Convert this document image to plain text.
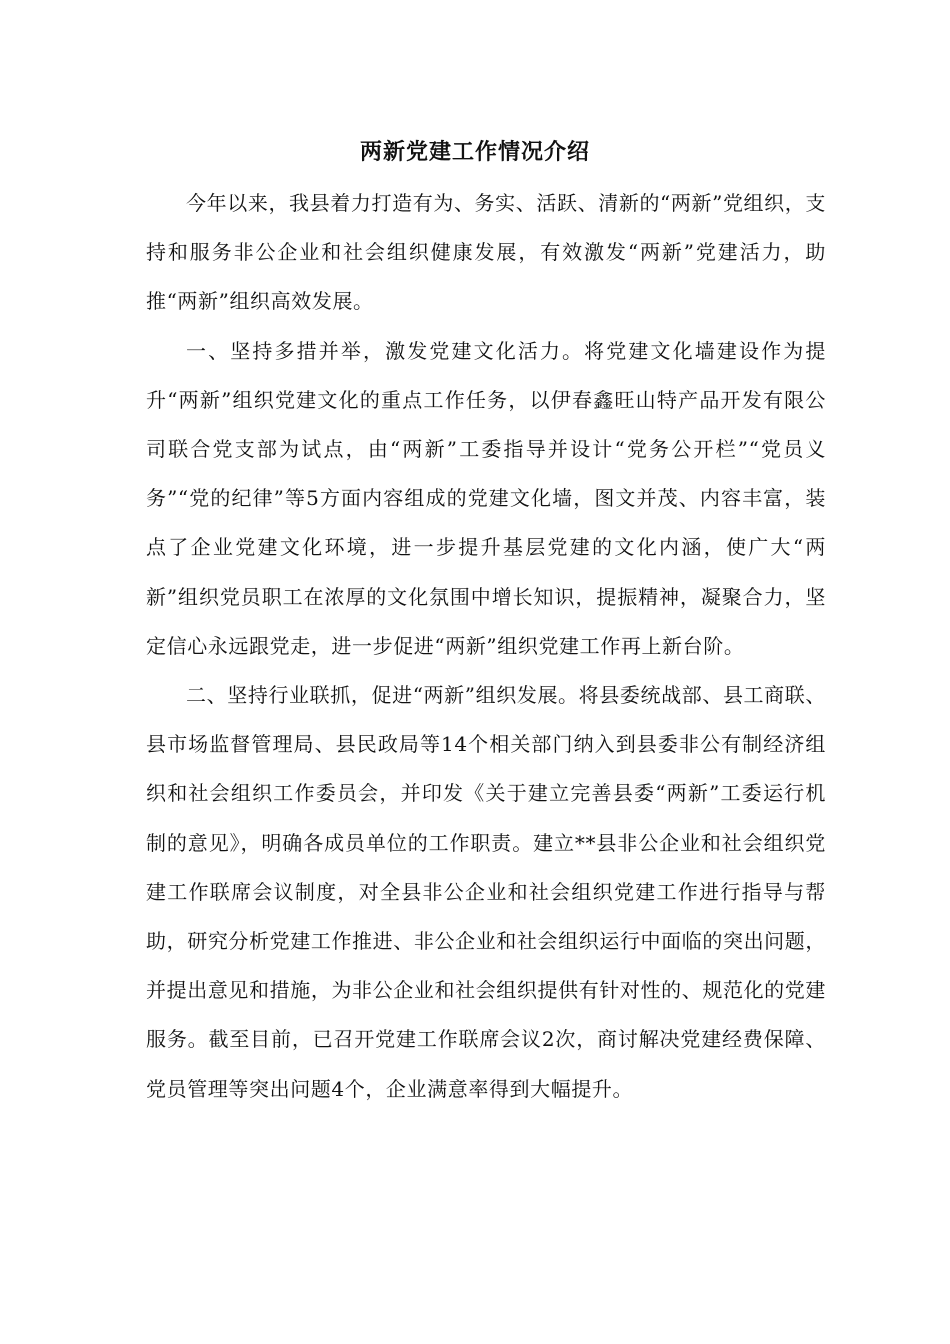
两新党建工作情况介绍

今年以来，我县着力打造有为、务实、活跃、清新的“两新”党组织，支持和服务非公企业和社会组织健康发展，有效激发“两新”党建活力，助推“两新”组织高效发展。

一、坚持多措并举，激发党建文化活力。将党建文化墙建设作为提升“两新”组织党建文化的重点工作任务，以伊春鑫旺山特产品开发有限公司联合党支部为试点，由“两新”工委指导并设计“党务公开栏”“党员义务”“党的纪律”等5方面内容组成的党建文化墙，图文并茂、内容丰富，装点了企业党建文化环境，进一步提升基层党建的文化内涵，使广大“两新”组织党员职工在浓厚的文化氛围中增长知识，提振精神，凝聚合力，坚定信心永远跟党走，进一步促进“两新”组织党建工作再上新台阶。

二、坚持行业联抓，促进“两新”组织发展。将县委统战部、县工商联、县市场监督管理局、县民政局等14个相关部门纳入到县委非公有制经济组织和社会组织工作委员会，并印发《关于建立完善县委“两新”工委运行机制的意见》，明确各成员单位的工作职责。建立**县非公企业和社会组织党建工作联席会议制度，对全县非公企业和社会组织党建工作进行指导与帮助，研究分析党建工作推进、非公企业和社会组织运行中面临的突出问题，并提出意见和措施，为非公企业和社会组织提供有针对性的、规范化的党建服务。截至目前，已召开党建工作联席会议2次，商讨解决党建经费保障、党员管理等突出问题4个，企业满意率得到大幅提升。
